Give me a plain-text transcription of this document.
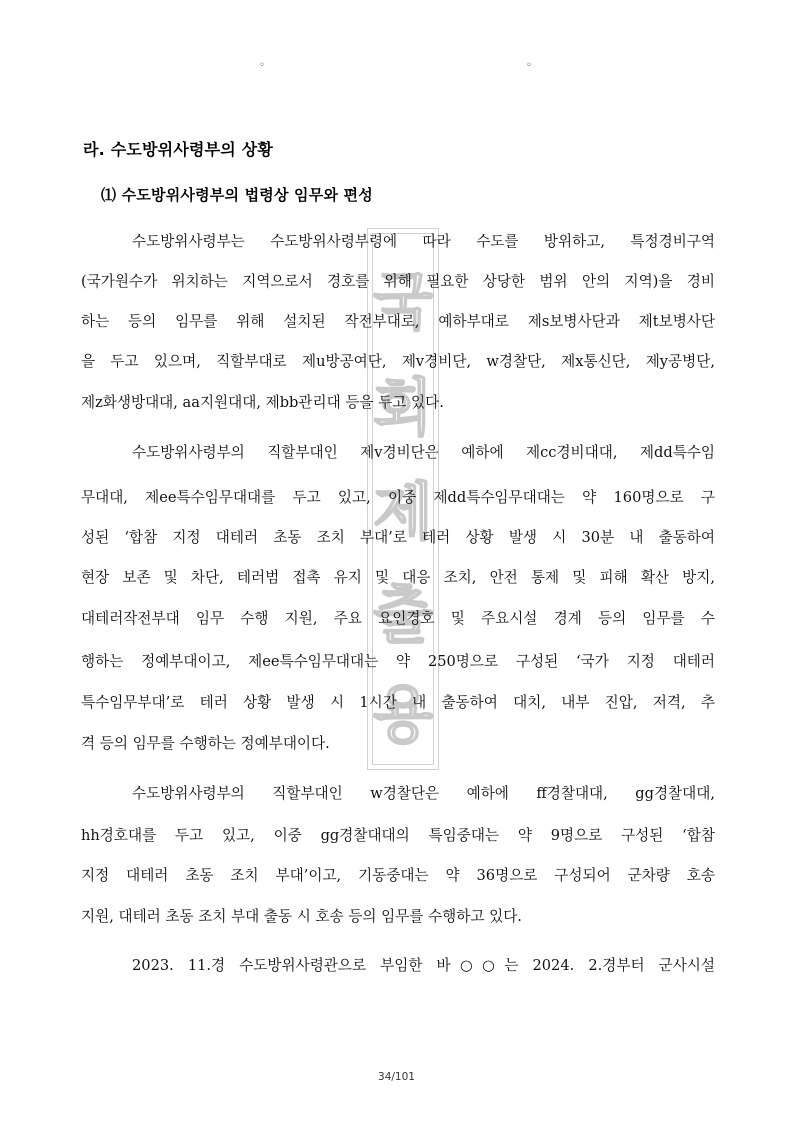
◦	◦
라. 수도방위사령부의 상황
⑴ 수도방위사령부의 법령상 임무와 편성
국
회
제
출
용
수도방위사령부는 수도방위사령부령에 따라 수도를 방위하고, 특정경비구역
(국가원수가 위치하는 지역으로서 경호를 위해 필요한 상당한 범위 안의 지역)을 경비
하는 등의 임무를 위해 설치된 작전부대로, 예하부대로 제s보병사단과 제t보병사단
을 두고 있으며, 직할부대로 제u방공여단, 제v경비단, w경찰단, 제x통신단, 제y공병단,
제z화생방대대, aa지원대대, 제bb관리대 등을 두고 있다.
수도방위사령부의 직할부대인 제v경비단은 예하에 제cc경비대대, 제dd특수임
무대대, 제ee특수임무대대를 두고 있고, 이중 제dd특수임무대대는 약 160명으로 구
성된 ‘합참 지정 대테러 초동 조치 부대’로 테러 상황 발생 시 30분 내 출동하여
현장 보존 및 차단, 테러범 접촉 유지 및 대응 조치, 안전 통제 및 피해 확산 방지,
대테러작전부대 임무 수행 지원, 주요 요인경호 및 주요시설 경계 등의 임무를 수
행하는 정예부대이고, 제ee특수임무대대는 약 250명으로 구성된 ‘국가 지정 대테러
특수임무부대’로 테러 상황 발생 시 1시간 내 출동하여 대치, 내부 진압, 저격, 추
격 등의 임무를 수행하는 정예부대이다.
수도방위사령부의 직할부대인 w경찰단은 예하에 ff경찰대대, gg경찰대대,
hh경호대를 두고 있고, 이중 gg경찰대대의 특임중대는 약 9명으로 구성된 ‘합참
지정 대테러 초동 조치 부대’이고, 기동중대는 약 36명으로 구성되어 군차량 호송
지원, 대테러 초동 조치 부대 출동 시 호송 등의 임무를 수행하고 있다.
2023. 11.경 수도방위사령관으로 부임한 바○○는 2024. 2.경부터 군사시설
34/101
